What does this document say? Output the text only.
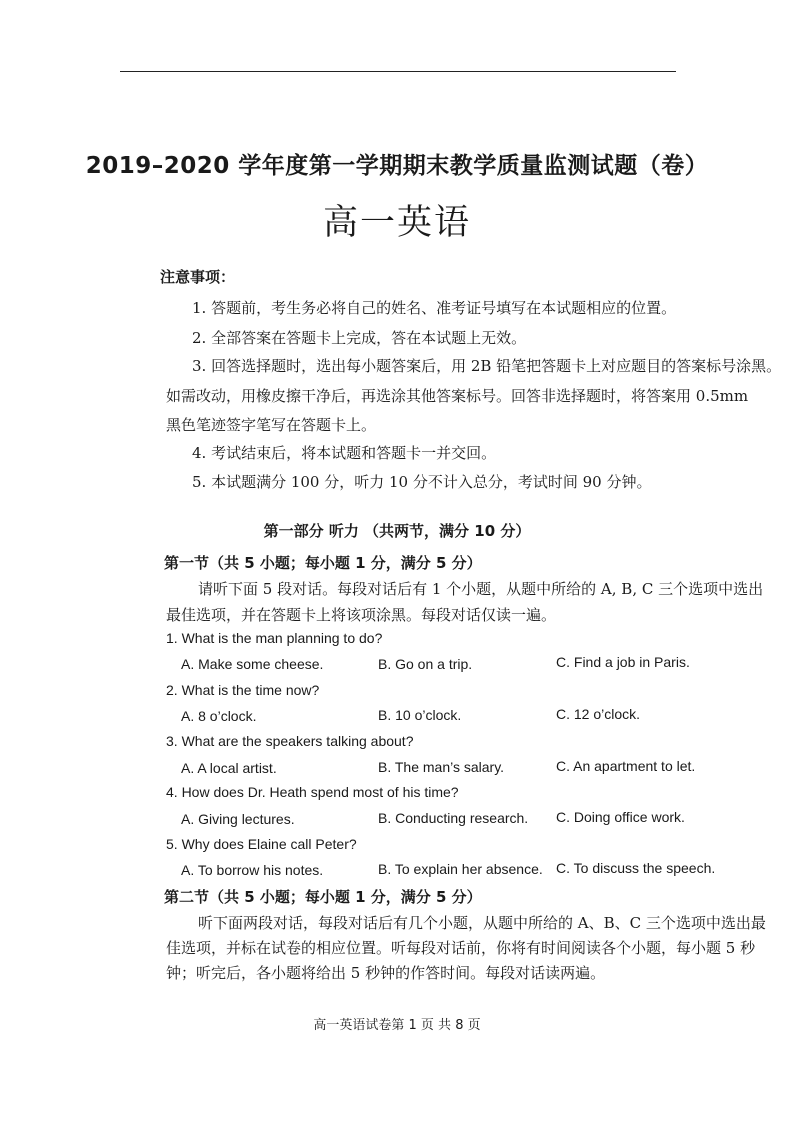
2019–2020 学年度第一学期期末教学质量监测试题（卷）
高一英语
注意事项：
1. 答题前，考生务必将自己的姓名、准考证号填写在本试题相应的位置。
2. 全部答案在答题卡上完成，答在本试题上无效。
3. 回答选择题时，选出每小题答案后，用 2B 铅笔把答题卡上对应题目的答案标号涂黑。
如需改动，用橡皮擦干净后，再选涂其他答案标号。回答非选择题时，将答案用 0.5mm
黑色笔迹签字笔写在答题卡上。
4. 考试结束后，将本试题和答题卡一并交回。
5. 本试题满分 100 分，听力 10 分不计入总分，考试时间 90 分钟。
第一部分 听力 （共两节，满分 10 分）
第一节（共 5 小题；每小题 1 分，满分 5 分）
请听下面 5 段对话。每段对话后有 1 个小题，从题中所给的 A, B, C 三个选项中选出
最佳选项，并在答题卡上将该项涂黑。每段对话仅读一遍。
1. What is the man planning to do?
A. Make some cheese.	B. Go on a trip.	C. Find a job in Paris.
2. What is the time now?
A. 8 o’clock.	B. 10 o’clock.	C. 12 o’clock.
3. What are the speakers talking about?
A. A local artist.	B. The man’s salary.	C. An apartment to let.
4. How does Dr. Heath spend most of his time?
A. Giving lectures.	B. Conducting research. C. Doing office work.
5. Why does Elaine call Peter?
A. To borrow his notes.	B. To explain her absence. C. To discuss the speech.
第二节（共 5 小题；每小题 1 分，满分 5 分）
听下面两段对话，每段对话后有几个小题，从题中所给的 A、B、C 三个选项中选出最
佳选项，并标在试卷的相应位置。听每段对话前，你将有时间阅读各个小题，每小题 5 秒
钟；听完后，各小题将给出 5 秒钟的作答时间。每段对话读两遍。
高一英语试卷第 1 页 共 8 页
